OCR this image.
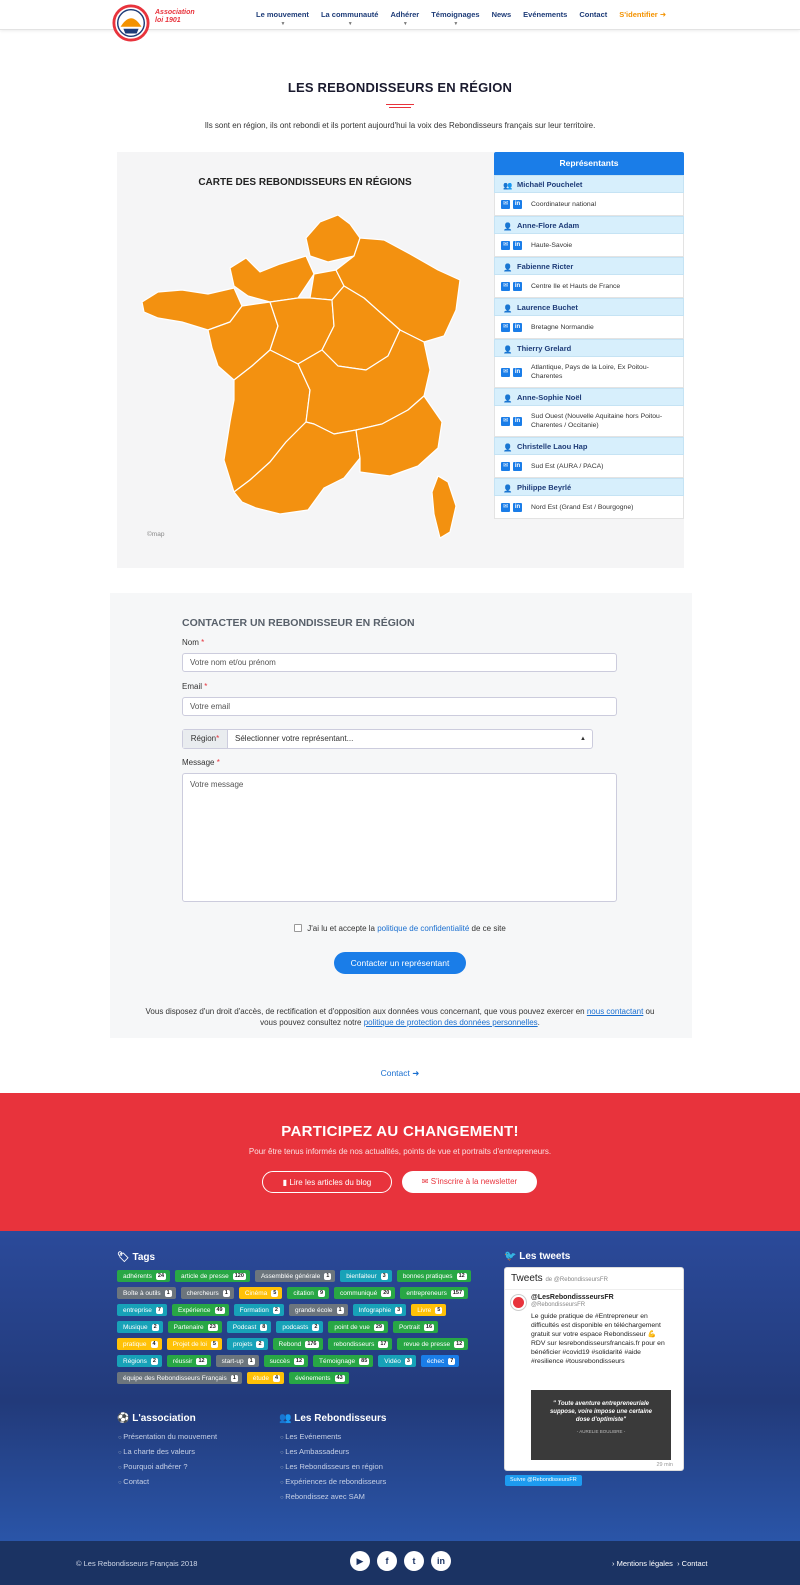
Association
loi 1901
Le mouvement
▼
La communauté
▼
Adhérer
▼
Témoignages
▼
News Evénements Contact S'identifier ➜
LES REBONDISSEURS EN RÉGION
Ils sont en région, ils ont rebondi et ils portent aujourd'hui la voix des Rebondisseurs français sur leur territoire.
CARTE DES REBONDISSEURS EN RÉGIONS
©map
Représentants
👥 Michaël Pouchelet
✉	in Coordinateur national
👤 Anne-Flore Adam
✉	in Haute-Savoie
👤 Fabienne Ricter
✉	in Centre Ile et Hauts de France
👤 Laurence Buchet
✉	in Bretagne Normandie
👤 Thierry Grelard
✉	in
Atlantique, Pays de la Loire, Ex Poitou-Charentes
👤 Anne-Sophie Noël
✉	in
Sud Ouest (Nouvelle Aquitaine hors Poitou-Charentes / Occitanie)
👤 Christelle Laou Hap
✉	in Sud Est (AURA / PACA)
👤 Philippe Beyrlé
✉	in Nord Est (Grand Est / Bourgogne)
CONTACTER UN REBONDISSEUR EN RÉGION
Nom *
Votre nom et/ou prénom
Email *
Votre email
Région*	Sélectionner votre représentant...	▲

Message *
Votre message
J'ai lu et accepte la politique de confidentialité de ce site
Contacter un représentant
Vous disposez d'un droit d'accès, de rectification et d'opposition aux données vous concernant, que vous pouvez exercer en nous contactant ou vous pouvez consultez notre politique de protection des données personnelles.
Contact ➜
PARTICIPEZ AU CHANGEMENT!
Pour être tenus informés de nos actualités, points de vue et portraits d'entrepreneurs.
▮ Lire les articles du blog	✉ S'inscrire à la newsletter
🏷 Tags
adhérents	24	article de presse	120	Assemblée générale	1	bienfaiteur	3	bonnes pratiques	12
Boîte à outils	1	chercheurs	1	Cinéma	5	citation	9	communiqué	20	entrepreneurs	157
entreprise	7	Expérience	49	Formation	2	grande école	1	Infographie	3	Livre	5
Musique	2	Partenaire	23	Podcast	8	podcasts	2	point de vue	29	Portrait	16
pratique	4	Projet de loi	5	projets	2	Rebond	176	rebondisseurs	17	revue de presse	12
Régions	2	réussir	12	start-up	1	succès	12	Témoignage	85	Vidéo	3	échec	7
équipe des Rebondisseurs Français	1	étude	4	événements	43
⚽ L'association
○ Présentation du mouvement
○ La charte des valeurs
○ Pourquoi adhérer ?
○ Contact
👥 Les Rebondisseurs
○ Les Evénements
○ Les Ambassadeurs
○ Les Rebondisseurs en région
○ Expériences de rebondisseurs
○ Rebondissez avec SAM
🐦 Les tweets
Tweets de @RebondisseursFR
@LesRebondissseursFR
@RebondisseursFR
Le guide pratique de #Entrepreneur en difficultés est disponible en téléchargement gratuit sur votre espace Rebondisseur 💪 RDV sur lesrebondisseursfrancais.fr pour en bénéficier #covid19 #solidarité #aide #resilience #tousrebondisseurs
" Toute aventure entrepreneuriale suppose, voire impose une certaine dose d'optimiste"
- AURELIE BOULIBRE -
29 min
Suivre @RebondisseursFR
© Les Rebondisseurs Français 2018	▶	f	t	in	› Mentions légales › Contact
